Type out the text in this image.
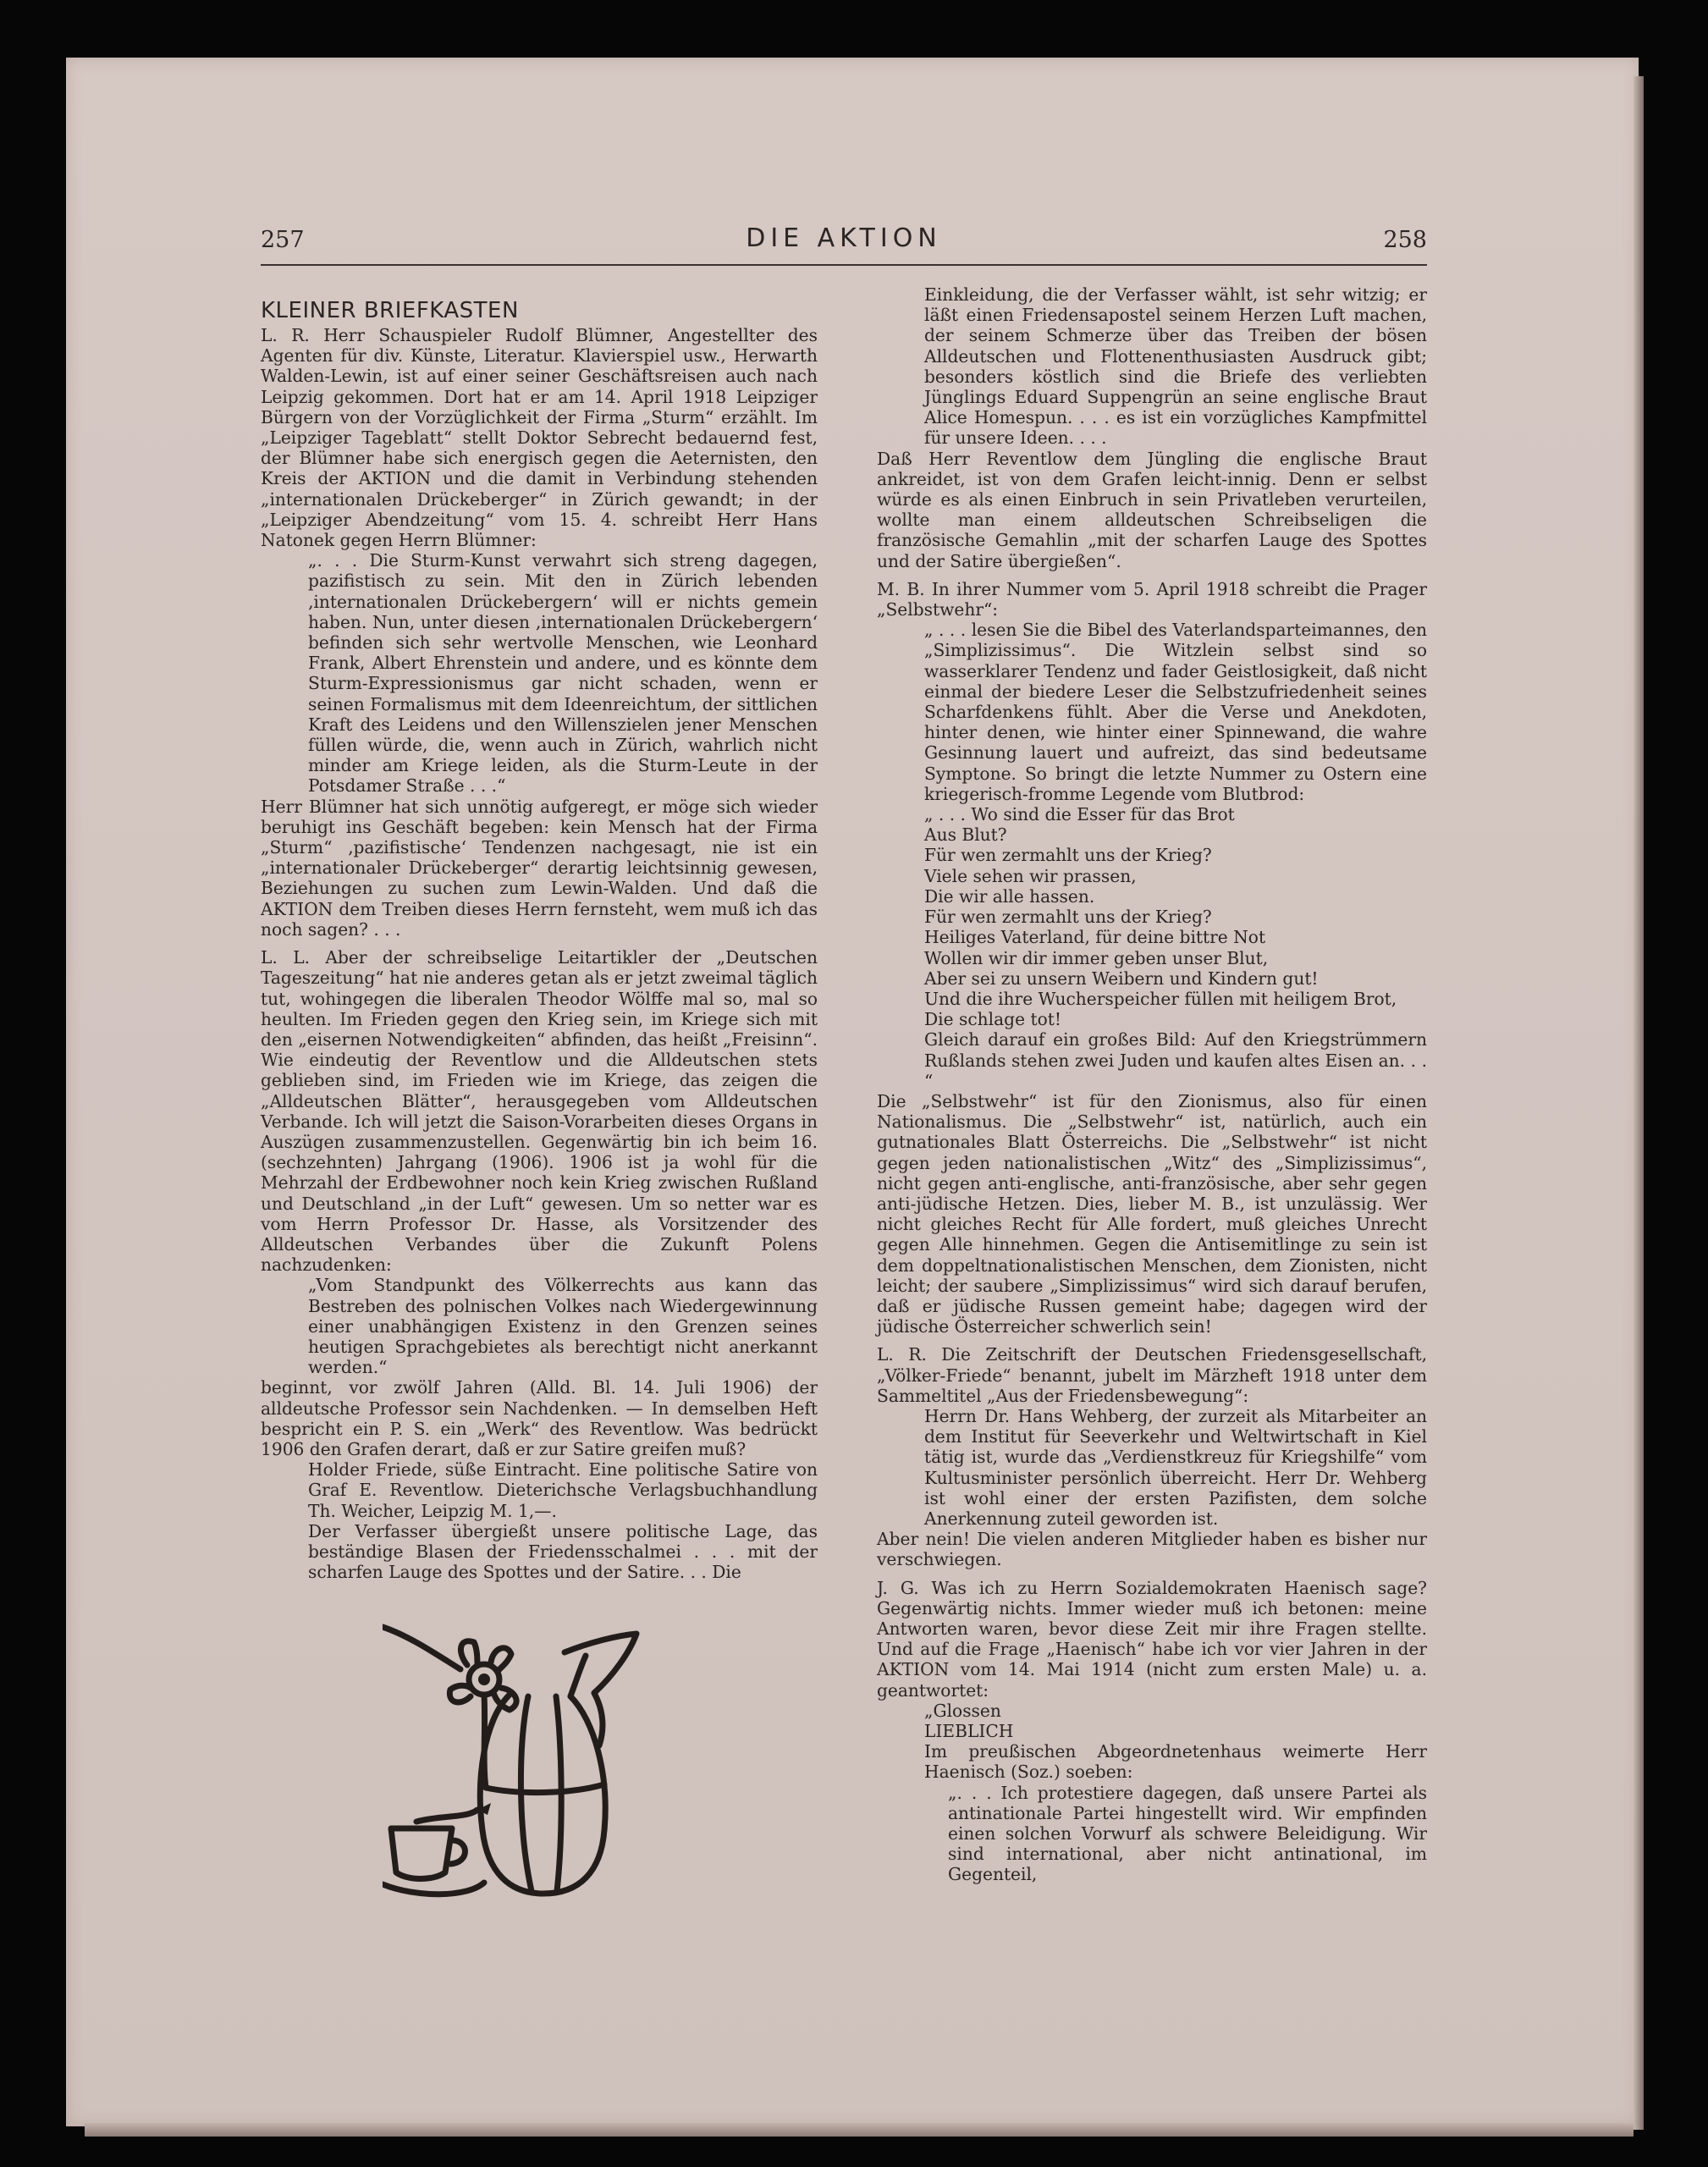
257	DIE AKTION	258
KLEINER BRIEFKASTEN

L. R. Herr Schauspieler Rudolf Blümner, Angestellter des Agenten für div. Künste, Literatur. Klavierspiel usw., Herwarth Walden-Lewin, ist auf einer seiner Geschäftsreisen auch nach Leipzig gekommen. Dort hat er am 14. April 1918 Leipziger Bürgern von der Vorzüglichkeit der Firma „Sturm“ erzählt. Im „Leipziger Tageblatt“ stellt Doktor Sebrecht bedauernd fest, der Blümner habe sich energisch gegen die Aeternisten, den Kreis der AKTION und die damit in Verbindung stehenden „internationalen Drückeberger“ in Zürich gewandt; in der „Leipziger Abendzeitung“ vom 15. 4. schreibt Herr Hans Natonek gegen Herrn Blümner:

„. . . Die Sturm-Kunst verwahrt sich streng dagegen, pazifistisch zu sein. Mit den in Zürich lebenden ‚internationalen Drückebergern‘ will er nichts gemein haben. Nun, unter diesen ‚internationalen Drückebergern‘ befinden sich sehr wertvolle Menschen, wie Leonhard Frank, Albert Ehrenstein und andere, und es könnte dem Sturm-Expressionismus gar nicht schaden, wenn er seinen Formalismus mit dem Ideenreichtum, der sittlichen Kraft des Leidens und den Willenszielen jener Menschen füllen würde, die, wenn auch in Zürich, wahrlich nicht minder am Kriege leiden, als die Sturm-Leute in der Potsdamer Straße . . .“

Herr Blümner hat sich unnötig aufgeregt, er möge sich wieder beruhigt ins Geschäft begeben: kein Mensch hat der Firma „Sturm“ ‚pazifistische‘ Tendenzen nachgesagt, nie ist ein „internationaler Drückeberger“ derartig leichtsinnig gewesen, Beziehungen zu suchen zum Lewin-Walden. Und daß die AKTION dem Treiben dieses Herrn fernsteht, wem muß ich das noch sagen? . . .

L. L. Aber der schreibselige Leitartikler der „Deutschen Tageszeitung“ hat nie anderes getan als er jetzt zweimal täglich tut, wohingegen die liberalen Theodor Wölffe mal so, mal so heulten. Im Frieden gegen den Krieg sein, im Kriege sich mit den „eisernen Notwendigkeiten“ abfinden, das heißt „Freisinn“. Wie eindeutig der Reventlow und die Alldeutschen stets geblieben sind, im Frieden wie im Kriege, das zeigen die „Alldeutschen Blätter“, herausgegeben vom Alldeutschen Verbande. Ich will jetzt die Saison-Vorarbeiten dieses Organs in Auszügen zusammenzustellen. Gegenwärtig bin ich beim 16. (sechzehnten) Jahrgang (1906). 1906 ist ja wohl für die Mehrzahl der Erdbewohner noch kein Krieg zwischen Rußland und Deutschland „in der Luft“ gewesen. Um so netter war es vom Herrn Professor Dr. Hasse, als Vorsitzender des Alldeutschen Verbandes über die Zukunft Polens nachzudenken:

„Vom Standpunkt des Völkerrechts aus kann das Bestreben des polnischen Volkes nach Wiedergewinnung einer unabhängigen Existenz in den Grenzen seines heutigen Sprachgebietes als berechtigt nicht anerkannt werden.“

beginnt, vor zwölf Jahren (Alld. Bl. 14. Juli 1906) der alldeutsche Professor sein Nachdenken. — In demselben Heft bespricht ein P. S. ein „Werk“ des Reventlow. Was bedrückt 1906 den Grafen derart, daß er zur Satire greifen muß?

Holder Friede, süße Eintracht. Eine politische Satire von Graf E. Reventlow. Dieterichsche Verlagsbuchhandlung Th. Weicher, Leipzig M. 1,—.

Der Verfasser übergießt unsere politische Lage, das beständige Blasen der Friedensschalmei . . . mit der scharfen Lauge des Spottes und der Satire. . . Die

Einkleidung, die der Verfasser wählt, ist sehr witzig; er läßt einen Friedensapostel seinem Herzen Luft machen, der seinem Schmerze über das Treiben der bösen Alldeutschen und Flottenenthusiasten Ausdruck gibt; besonders köstlich sind die Briefe des verliebten Jünglings Eduard Suppengrün an seine englische Braut Alice Homespun. . . . es ist ein vorzügliches Kampfmittel für unsere Ideen. . . .

Daß Herr Reventlow dem Jüngling die englische Braut ankreidet, ist von dem Grafen leicht-innig. Denn er selbst würde es als einen Einbruch in sein Privatleben verurteilen, wollte man einem alldeutschen Schreibseligen die französische Gemahlin „mit der scharfen Lauge des Spottes und der Satire übergießen“.

M. B. In ihrer Nummer vom 5. April 1918 schreibt die Prager „Selbstwehr“:

„ . . . lesen Sie die Bibel des Vaterlandsparteimannes, den „Simplizissimus“. Die Witzlein selbst sind so wasserklarer Tendenz und fader Geistlosigkeit, daß nicht einmal der biedere Leser die Selbstzufriedenheit seines Scharfdenkens fühlt. Aber die Verse und Anekdoten, hinter denen, wie hinter einer Spinnewand, die wahre Gesinnung lauert und aufreizt, das sind bedeutsame Symptone. So bringt die letzte Nummer zu Ostern eine kriegerisch-fromme Legende vom Blutbrod:

„ . . . Wo sind die Esser für das Brot
Aus Blut?
Für wen zermahlt uns der Krieg?
Viele sehen wir prassen,
Die wir alle hassen.
Für wen zermahlt uns der Krieg?
Heiliges Vaterland, für deine bittre Not
Wollen wir dir immer geben unser Blut,
Aber sei zu unsern Weibern und Kindern gut!
Und die ihre Wucherspeicher füllen mit heiligem Brot,
Die schlage tot!

Gleich darauf ein großes Bild: Auf den Kriegstrümmern Rußlands stehen zwei Juden und kaufen altes Eisen an. . . “

Die „Selbstwehr“ ist für den Zionismus, also für einen Nationalismus. Die „Selbstwehr“ ist, natürlich, auch ein gutnationales Blatt Österreichs. Die „Selbstwehr“ ist nicht gegen jeden nationalistischen „Witz“ des „Simplizissimus“, nicht gegen anti-englische, anti-französische, aber sehr gegen anti-jüdische Hetzen. Dies, lieber M. B., ist unzulässig. Wer nicht gleiches Recht für Alle fordert, muß gleiches Unrecht gegen Alle hinnehmen. Gegen die Antisemitlinge zu sein ist dem doppeltnationalistischen Menschen, dem Zionisten, nicht leicht; der saubere „Simplizissimus“ wird sich darauf berufen, daß er jüdische Russen gemeint habe; dagegen wird der jüdische Österreicher schwerlich sein!

L. R. Die Zeitschrift der Deutschen Friedensgesellschaft, „Völker-Friede“ benannt, jubelt im Märzheft 1918 unter dem Sammeltitel „Aus der Friedensbewegung“:

Herrn Dr. Hans Wehberg, der zurzeit als Mitarbeiter an dem Institut für Seeverkehr und Weltwirtschaft in Kiel tätig ist, wurde das „Verdienstkreuz für Kriegshilfe“ vom Kultusminister persönlich überreicht. Herr Dr. Wehberg ist wohl einer der ersten Pazifisten, dem solche Anerkennung zuteil geworden ist.

Aber nein! Die vielen anderen Mitglieder haben es bisher nur verschwiegen.

J. G. Was ich zu Herrn Sozialdemokraten Haenisch sage? Gegenwärtig nichts. Immer wieder muß ich betonen: meine Antworten waren, bevor diese Zeit mir ihre Fragen stellte. Und auf die Frage „Haenisch“ habe ich vor vier Jahren in der AKTION vom 14. Mai 1914 (nicht zum ersten Male) u. a. geantwortet:

„Glossen

LIEBLICH

Im preußischen Abgeordnetenhaus weimerte Herr Haenisch (Soz.) soeben:

„. . . Ich protestiere dagegen, daß unsere Partei als antinationale Partei hingestellt wird. Wir empfinden einen solchen Vorwurf als schwere Beleidigung. Wir sind international, aber nicht antinational, im Gegenteil,
